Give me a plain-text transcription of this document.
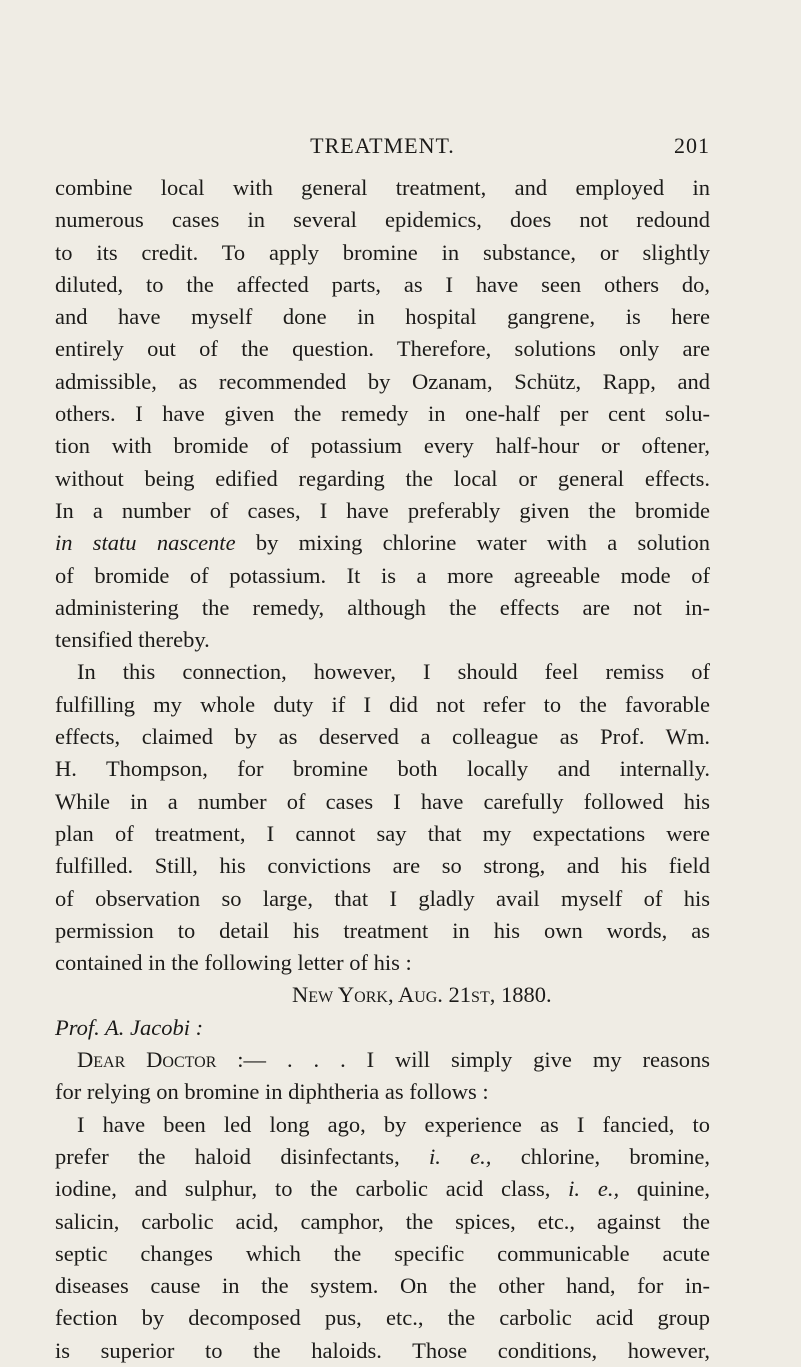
TREATMENT.	201
combine local with general treatment, and employed in
numerous cases in several epidemics, does not redound
to its credit. To apply bromine in substance, or slightly
diluted, to the affected parts, as I have seen others do,
and have myself done in hospital gangrene, is here
entirely out of the question. Therefore, solutions only are
admissible, as recommended by Ozanam, Schütz, Rapp, and
others. I have given the remedy in one-half per cent solu-
tion with bromide of potassium every half-hour or oftener,
without being edified regarding the local or general effects.
In a number of cases, I have preferably given the bromide
in statu nascente by mixing chlorine water with a solution
of bromide of potassium. It is a more agreeable mode of
administering the remedy, although the effects are not in-
tensified thereby.
In this connection, however, I should feel remiss of
fulfilling my whole duty if I did not refer to the favorable
effects, claimed by as deserved a colleague as Prof. Wm.
H. Thompson, for bromine both locally and internally.
While in a number of cases I have carefully followed his
plan of treatment, I cannot say that my expectations were
fulfilled. Still, his convictions are so strong, and his field
of observation so large, that I gladly avail myself of his
permission to detail his treatment in his own words, as
contained in the following letter of his :
New York, Aug. 21st, 1880.
Prof. A. Jacobi :
Dear Doctor :— . . . I will simply give my reasons
for relying on bromine in diphtheria as follows :
I have been led long ago, by experience as I fancied, to
prefer the haloid disinfectants, i. e., chlorine, bromine,
iodine, and sulphur, to the carbolic acid class, i. e., quinine,
salicin, carbolic acid, camphor, the spices, etc., against the
septic changes which the specific communicable acute
diseases cause in the system. On the other hand, for in-
fection by decomposed pus, etc., the carbolic acid group
is superior to the haloids. Those conditions, however,
